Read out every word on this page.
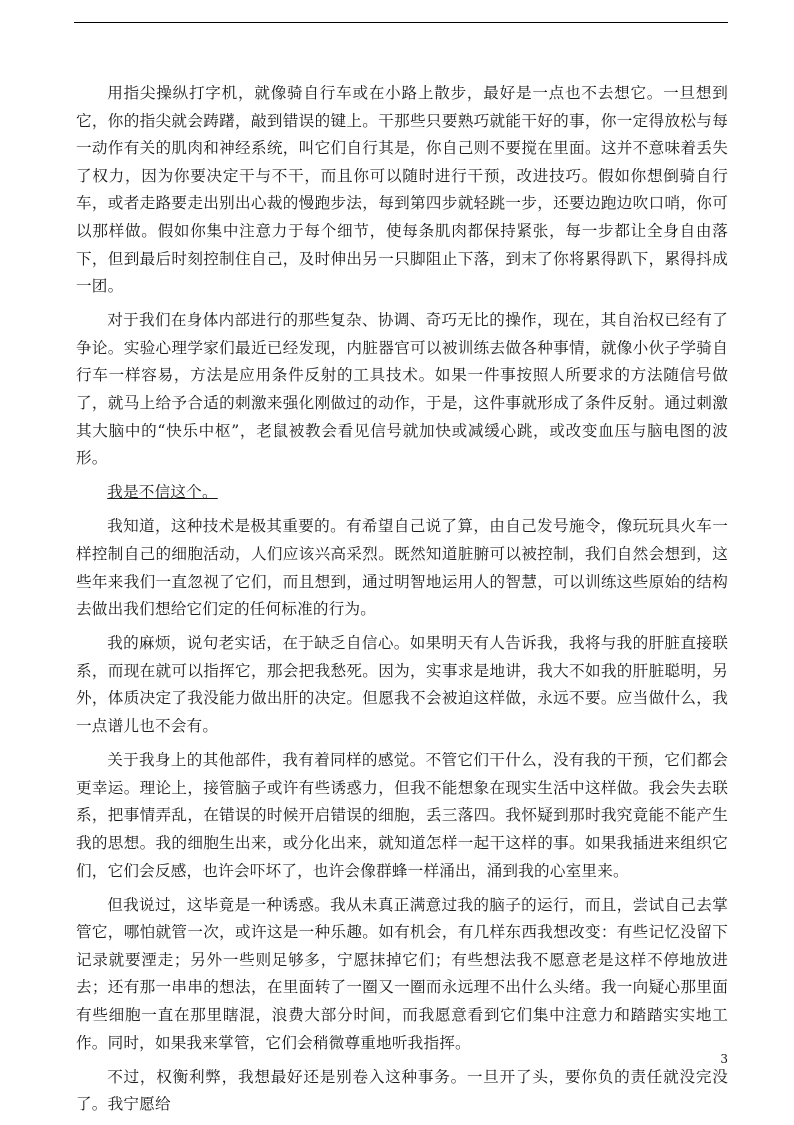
用指尖操纵打字机，就像骑自行车或在小路上散步，最好是一点也不去想它。一旦想到它，你的指尖就会踌躇，敲到错误的键上。干那些只要熟巧就能干好的事，你一定得放松与每一动作有关的肌肉和神经系统，叫它们自行其是，你自己则不要搅在里面。这并不意味着丢失了权力，因为你要决定干与不干，而且你可以随时进行干预，改进技巧。假如你想倒骑自行车，或者走路要走出别出心裁的慢跑步法，每到第四步就轻跳一步，还要边跑边吹口哨，你可以那样做。假如你集中注意力于每个细节，使每条肌肉都保持紧张，每一步都让全身自由落下，但到最后时刻控制住自己，及时伸出另一只脚阻止下落，到末了你将累得趴下，累得抖成一团。

对于我们在身体内部进行的那些复杂、协调、奇巧无比的操作，现在，其自治权已经有了争论。实验心理学家们最近已经发现，内脏器官可以被训练去做各种事情，就像小伙子学骑自行车一样容易，方法是应用条件反射的工具技术。如果一件事按照人所要求的方法随信号做了，就马上给予合适的刺激来强化刚做过的动作，于是，这件事就形成了条件反射。通过刺激其大脑中的“快乐中枢”，老鼠被教会看见信号就加快或减缓心跳，或改变血压与脑电图的波形。

我是不信这个。

我知道，这种技术是极其重要的。有希望自己说了算，由自己发号施令，像玩玩具火车一样控制自己的细胞活动，人们应该兴高采烈。既然知道脏腑可以被控制，我们自然会想到，这些年来我们一直忽视了它们，而且想到，通过明智地运用人的智慧，可以训练这些原始的结构去做出我们想给它们定的任何标准的行为。

我的麻烦，说句老实话，在于缺乏自信心。如果明天有人告诉我，我将与我的肝脏直接联系，而现在就可以指挥它，那会把我愁死。因为，实事求是地讲，我大不如我的肝脏聪明，另外，体质决定了我没能力做出肝的决定。但愿我不会被迫这样做，永远不要。应当做什么，我一点谱儿也不会有。

关于我身上的其他部件，我有着同样的感觉。不管它们干什么，没有我的干预，它们都会更幸运。理论上，接管脑子或许有些诱惑力，但我不能想象在现实生活中这样做。我会失去联系，把事情弄乱，在错误的时候开启错误的细胞，丢三落四。我怀疑到那时我究竟能不能产生我的思想。我的细胞生出来，或分化出来，就知道怎样一起干这样的事。如果我插进来组织它们，它们会反感，也许会吓坏了，也许会像群蜂一样涌出，涌到我的心室里来。

但我说过，这毕竟是一种诱惑。我从未真正满意过我的脑子的运行，而且，尝试自己去掌管它，哪怕就管一次，或许这是一种乐趣。如有机会，有几样东西我想改变：有些记忆没留下记录就要湮走；另外一些则足够多，宁愿抹掉它们；有些想法我不愿意老是这样不停地放进去；还有那一串串的想法，在里面转了一圈又一圈而永远理不出什么头绪。我一向疑心那里面有些细胞一直在那里瞎混，浪费大部分时间，而我愿意看到它们集中注意力和踏踏实实地工作。同时，如果我来掌管，它们会稍微尊重地听我指挥。

不过，权衡利弊，我想最好还是别卷入这种事务。一旦开了头，要你负的责任就没完没了。我宁愿给

3
